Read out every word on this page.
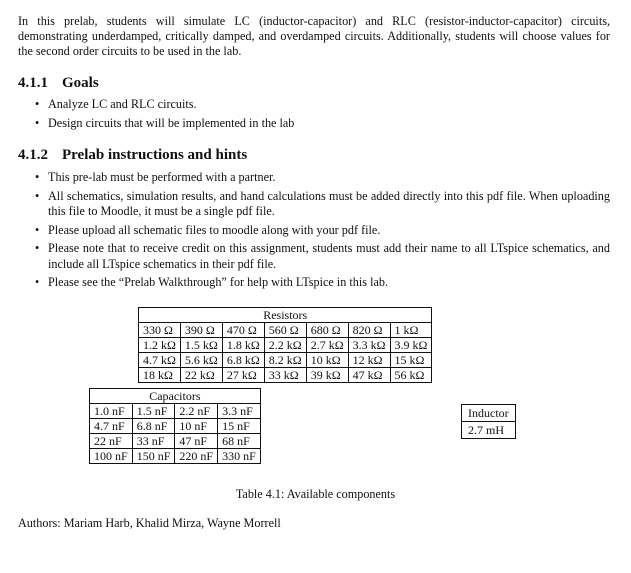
In this prelab, students will simulate LC (inductor-capacitor) and RLC (resistor-inductor-capacitor) circuits, demonstrating underdamped, critically damped, and overdamped circuits. Additionally, students will choose values for the second order circuits to be used in the lab.

4.1.1 Goals
• Analyze LC and RLC circuits.
• Design circuits that will be implemented in the lab
4.1.2 Prelab instructions and hints
• This pre-lab must be performed with a partner.
• All schematics, simulation results, and hand calculations must be added directly into this pdf file. When uploading this file to Moodle, it must be a single pdf file.
• Please upload all schematic files to moodle along with your pdf file.
• Please note that to receive credit on this assignment, students must add their name to all LTspice schematics, and include all LTspice schematics in their pdf file.
• Please see the “Prelab Walkthrough” for help with LTspice in this lab.
Resistors						
330 Ω	390 Ω	470 Ω	560 Ω	680 Ω	820 Ω	1 kΩ
1.2 kΩ	1.5 kΩ	1.8 kΩ	2.2 kΩ	2.7 kΩ	3.3 kΩ	3.9 kΩ
4.7 kΩ	5.6 kΩ	6.8 kΩ	8.2 kΩ	10 kΩ	12 kΩ	15 kΩ
18 kΩ	22 kΩ	27 kΩ	33 kΩ	39 kΩ	47 kΩ	56 kΩ
Capacitors			
1.0 nF	1.5 nF	2.2 nF	3.3 nF
4.7 nF	6.8 nF	10 nF	15 nF
22 nF	33 nF	47 nF	68 nF
100 nF	150 nF	220 nF	330 nF
Inductor
2.7 mH
Table 4.1: Available components
Authors: Mariam Harb, Khalid Mirza, Wayne Morrell
